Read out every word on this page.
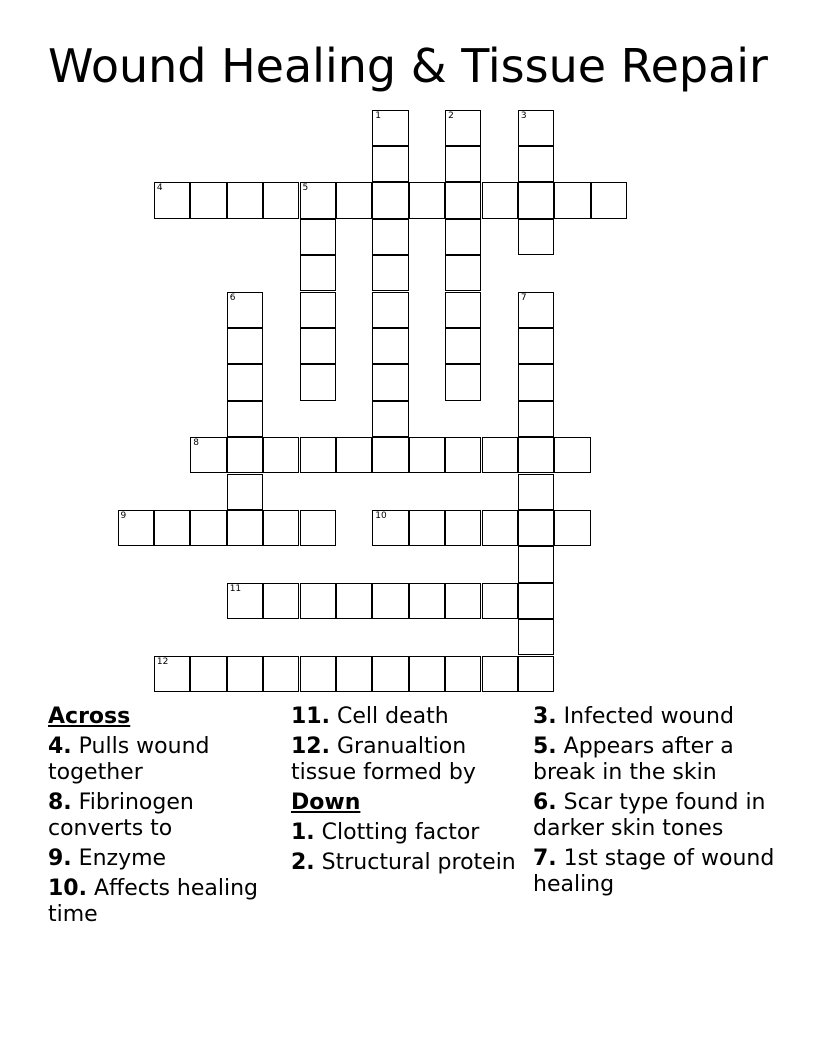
Wound Healing & Tissue Repair
4	5
8
9	10
11
12
1	2	3
6	7
Across
4. Pulls wound together
8. Fibrinogen converts to
9. Enzyme
10. Affects healing time
11. Cell death
12. Granualtion tissue formed by
Down
1. Clotting factor
2. Structural protein
3. Infected wound
5. Appears after a break in the skin
6. Scar type found in darker skin tones
7. 1st stage of wound healing
